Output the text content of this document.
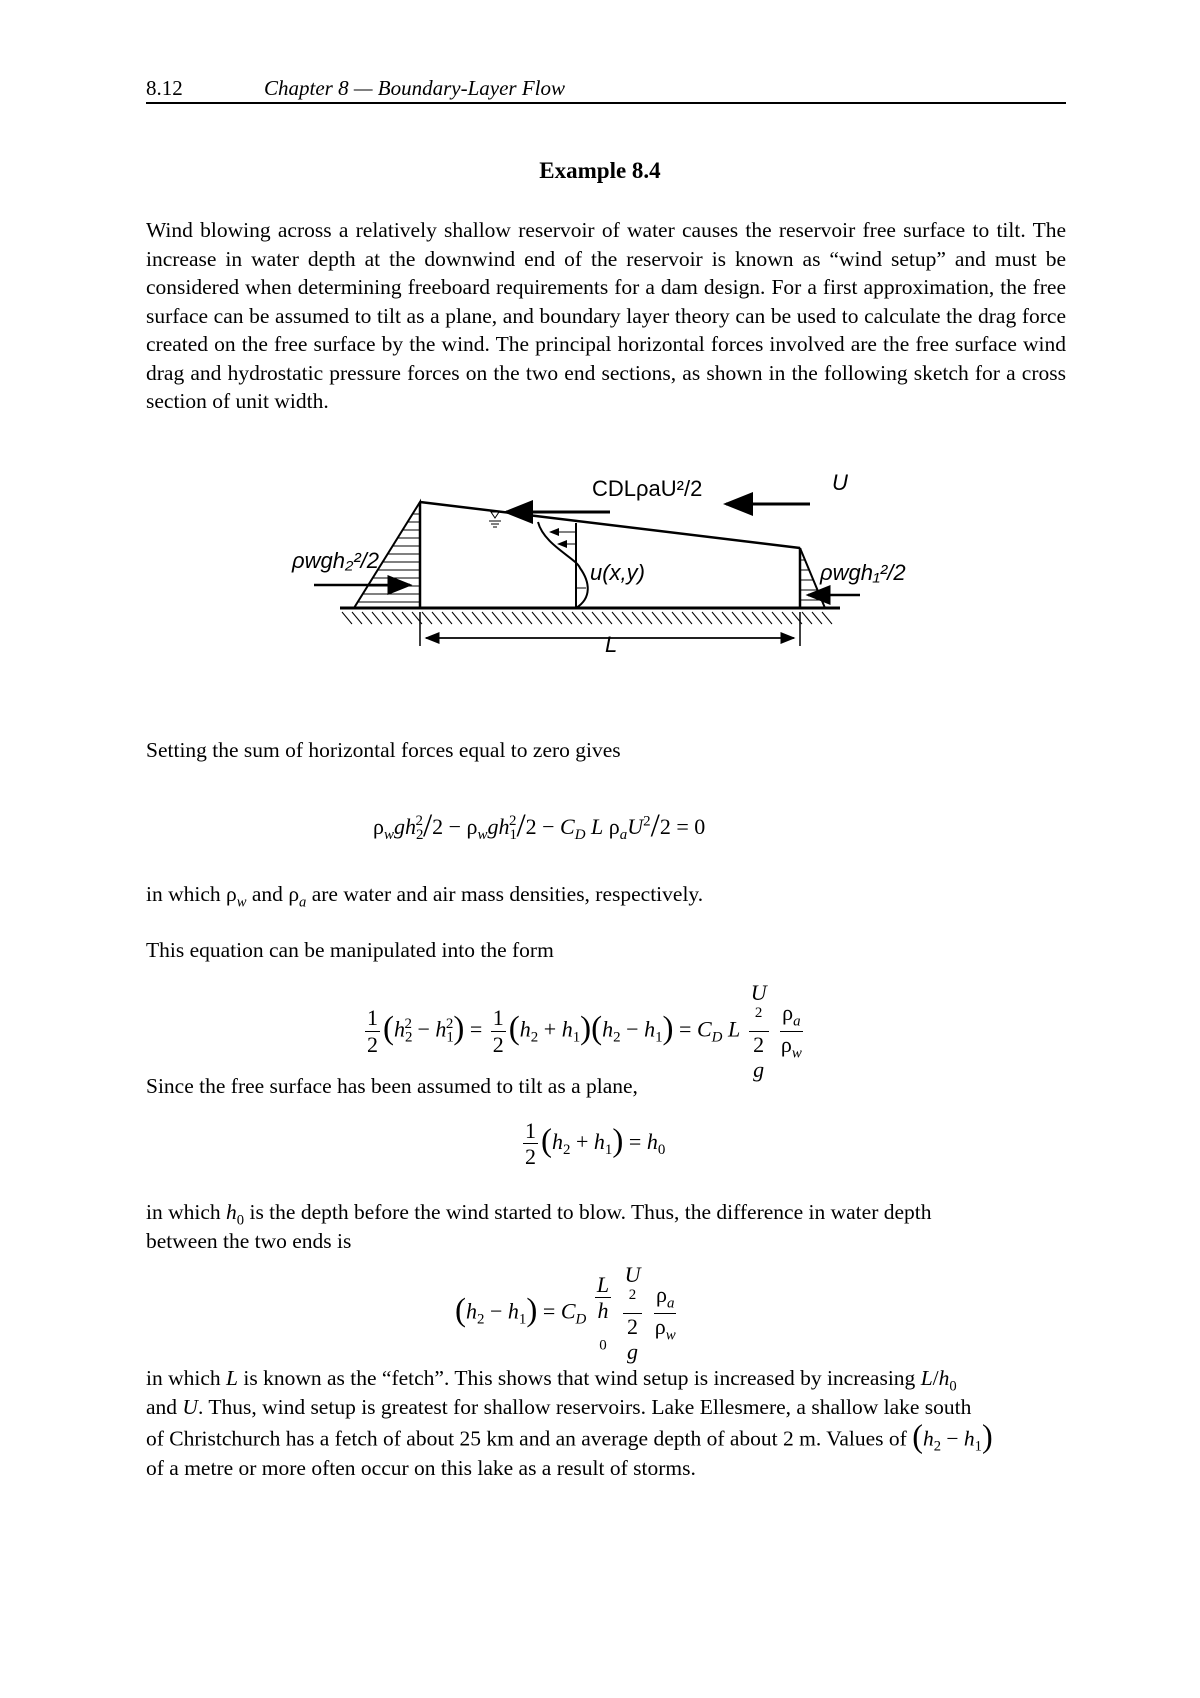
8.12	Chapter 8 — Boundary-Layer Flow
Example 8.4
Wind blowing across a relatively shallow reservoir of water causes the reservoir free surface to tilt. The increase in water depth at the downwind end of the reservoir is known as “wind setup” and must be considered when determining freeboard requirements for a dam design. For a first approximation, the free surface can be assumed to tilt as a plane, and boundary layer theory can be used to calculate the drag force created on the free surface by the wind. The principal horizontal forces involved are the free surface wind drag and hydrostatic pressure forces on the two end sections, as shown in the following sketch for a cross section of unit width.
CDLρaU²/2	U
ρwgh₂²/2	ρwgh₁²/2
u(x,y)
L
Setting the sum of horizontal forces equal to zero gives
$\rho_wgh_2^2/2 - \rho_wgh_1^2/2 - C_D$ L $\rho_aU^2/2 = 0$
in which $\rho_w$ and $\rho_a$ are water and air mass densities, respectively.
This equation can be manipulated into the form
$\frac{1}{2} (h_2^2 - h_1^2) = \frac{1}{2} (h_2 + h_1)(h_2 - h_1) = C_D$ L U
$^2$
2
g
$\frac{\rho_a}{\rho_w}$
Since the free surface has been assumed to tilt as a plane,
$\frac{1}{2} (h_2 + h_1) = h_0$
in which $h_0$ is the depth before the wind started to blow. Thus, the difference in water depth
between the two ends is
$(h_2 - h_1) = C_D$ L
h
$_0$
U
$^2$
2
g
$\frac{\rho_a}{\rho_w}$
in which L is known as the “fetch”. This shows that wind setup is increased by increasing $L/h_0$
and U. Thus, wind setup is greatest for shallow reservoirs. Lake Ellesmere, a shallow lake south
of Christchurch has a fetch of about 25 km and an average depth of about 2 m. Values of $(h_2 - h_1)$
of a metre or more often occur on this lake as a result of storms.
